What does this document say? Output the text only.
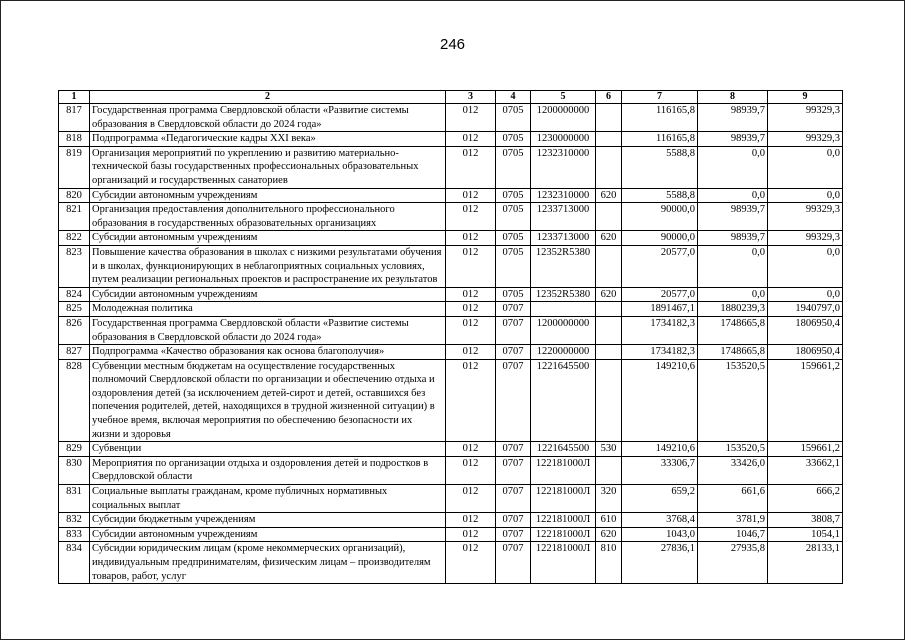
246
1	2	3	4	5	6	7	8	9
817	Государственная программа Свердловской области «Развитие системы образования в Свердловской области до 2024 года»	012	0705	1200000000		116165,8	98939,7	99329,3
818	Подпрограмма «Педагогические кадры XXI века»	012	0705	1230000000		116165,8	98939,7	99329,3
819	Организация мероприятий по укреплению и развитию материально-технической базы государственных профессиональных образовательных организаций и государственных санаториев	012	0705	1232310000		5588,8	0,0	0,0
820	Субсидии автономным учреждениям	012	0705	1232310000	620	5588,8	0,0	0,0
821	Организация предоставления дополнительного профессионального образования в государственных образовательных организациях	012	0705	1233713000		90000,0	98939,7	99329,3
822	Субсидии автономным учреждениям	012	0705	1233713000	620	90000,0	98939,7	99329,3
823	Повышение качества образования в школах с низкими результатами обучения и в школах, функционирующих в неблагоприятных социальных условиях, путем реализации региональных проектов и распространение их результатов	012	0705	12352R5380		20577,0	0,0	0,0
824	Субсидии автономным учреждениям	012	0705	12352R5380	620	20577,0	0,0	0,0
825	Молодежная политика	012	0707			1891467,1	1880239,3	1940797,0
826	Государственная программа Свердловской области «Развитие системы образования в Свердловской области до 2024 года»	012	0707	1200000000		1734182,3	1748665,8	1806950,4
827	Подпрограмма «Качество образования как основа благополучия»	012	0707	1220000000		1734182,3	1748665,8	1806950,4
828	Субвенции местным бюджетам на осуществление государственных полномочий Свердловской области по организации и обеспечению отдыха и оздоровления детей (за исключением детей-сирот и детей, оставшихся без попечения родителей, детей, находящихся в трудной жизненной ситуации) в учебное время, включая мероприятия по обеспечению безопасности их жизни и здоровья	012	0707	1221645500		149210,6	153520,5	159661,2
829	Субвенции	012	0707	1221645500	530	149210,6	153520,5	159661,2
830	Мероприятия по организации отдыха и оздоровления детей и подростков в Свердловской области	012	0707	122181000Л		33306,7	33426,0	33662,1
831	Социальные выплаты гражданам, кроме публичных нормативных социальных выплат	012	0707	122181000Л	320	659,2	661,6	666,2
832	Субсидии бюджетным учреждениям	012	0707	122181000Л	610	3768,4	3781,9	3808,7
833	Субсидии автономным учреждениям	012	0707	122181000Л	620	1043,0	1046,7	1054,1
834	Субсидии юридическим лицам (кроме некоммерческих организаций), индивидуальным предпринимателям, физическим лицам – производителям товаров, работ, услуг	012	0707	122181000Л	810	27836,1	27935,8	28133,1
